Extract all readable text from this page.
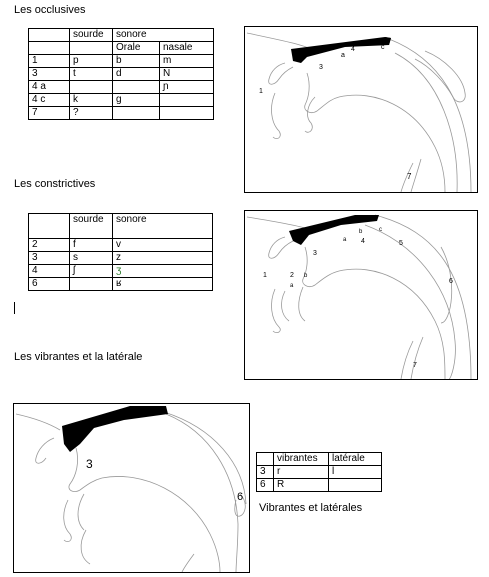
Les occlusives
Les constrictives
Les vibrantes et la latérale
Vibrantes et latérales
	sourde	sonore	
		Orale	nasale
1	p	b	m
3	t	d	N
4 a			ɲ
4 c	k	g	
7	?		
	sourde	sonore
2	f	v
3	s	z
4	ʃ	ʒ
6		ʁ
	vibrantes	latérale
3	r	l
6	R	
1
3
a
4	c
7
1	2 b
a
3
a
b
4
c
5
6
7
3
6
